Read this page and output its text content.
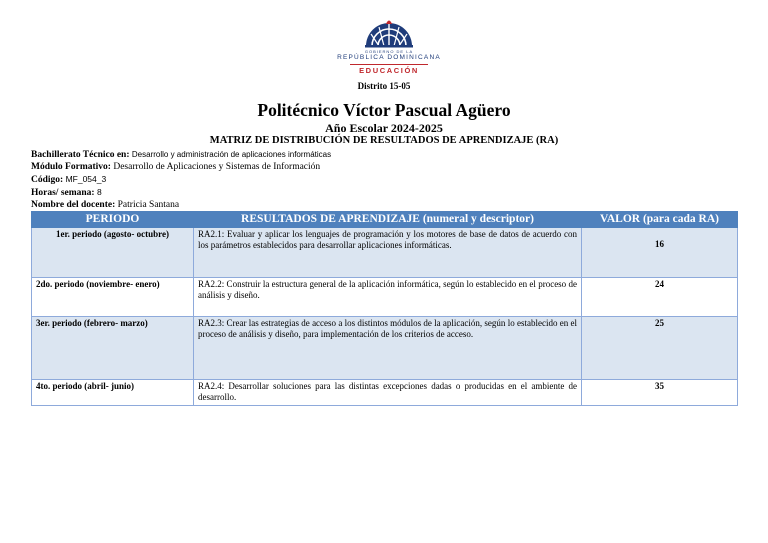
GOBIERNO DE LA
REPÚBLICA DOMINICANA
EDUCACIÓN
Distrito 15-05
Politécnico Víctor Pascual Agüero
Año Escolar 2024-2025
MATRIZ DE DISTRIBUCIÓN DE RESULTADOS DE APRENDIZAJE (RA)
Bachillerato Técnico en: Desarrollo y administración de aplicaciones informáticas
Módulo Formativo: Desarrollo de Aplicaciones y Sistemas de Información
Código: MF_054_3
Horas/ semana: 8
Nombre del docente: Patricia Santana
PERIODO	RESULTADOS DE APRENDIZAJE (numeral y descriptor)	VALOR (para cada RA)
1er. periodo (agosto- octubre)	RA2.1: Evaluar y aplicar los lenguajes de programación y los motores de base de datos de acuerdo con los parámetros establecidos para desarrollar aplicaciones informáticas.	16
2do. periodo (noviembre- enero)	RA2.2: Construir la estructura general de la aplicación informática, según lo establecido en el proceso de análisis y diseño.	24
3er. periodo (febrero- marzo)	RA2.3: Crear las estrategias de acceso a los distintos módulos de la aplicación, según lo establecido en el proceso de análisis y diseño, para implementación de los criterios de acceso.	25
4to. periodo (abril- junio)	RA2.4: Desarrollar soluciones para las distintas excepciones dadas o producidas en el ambiente de desarrollo.	35
